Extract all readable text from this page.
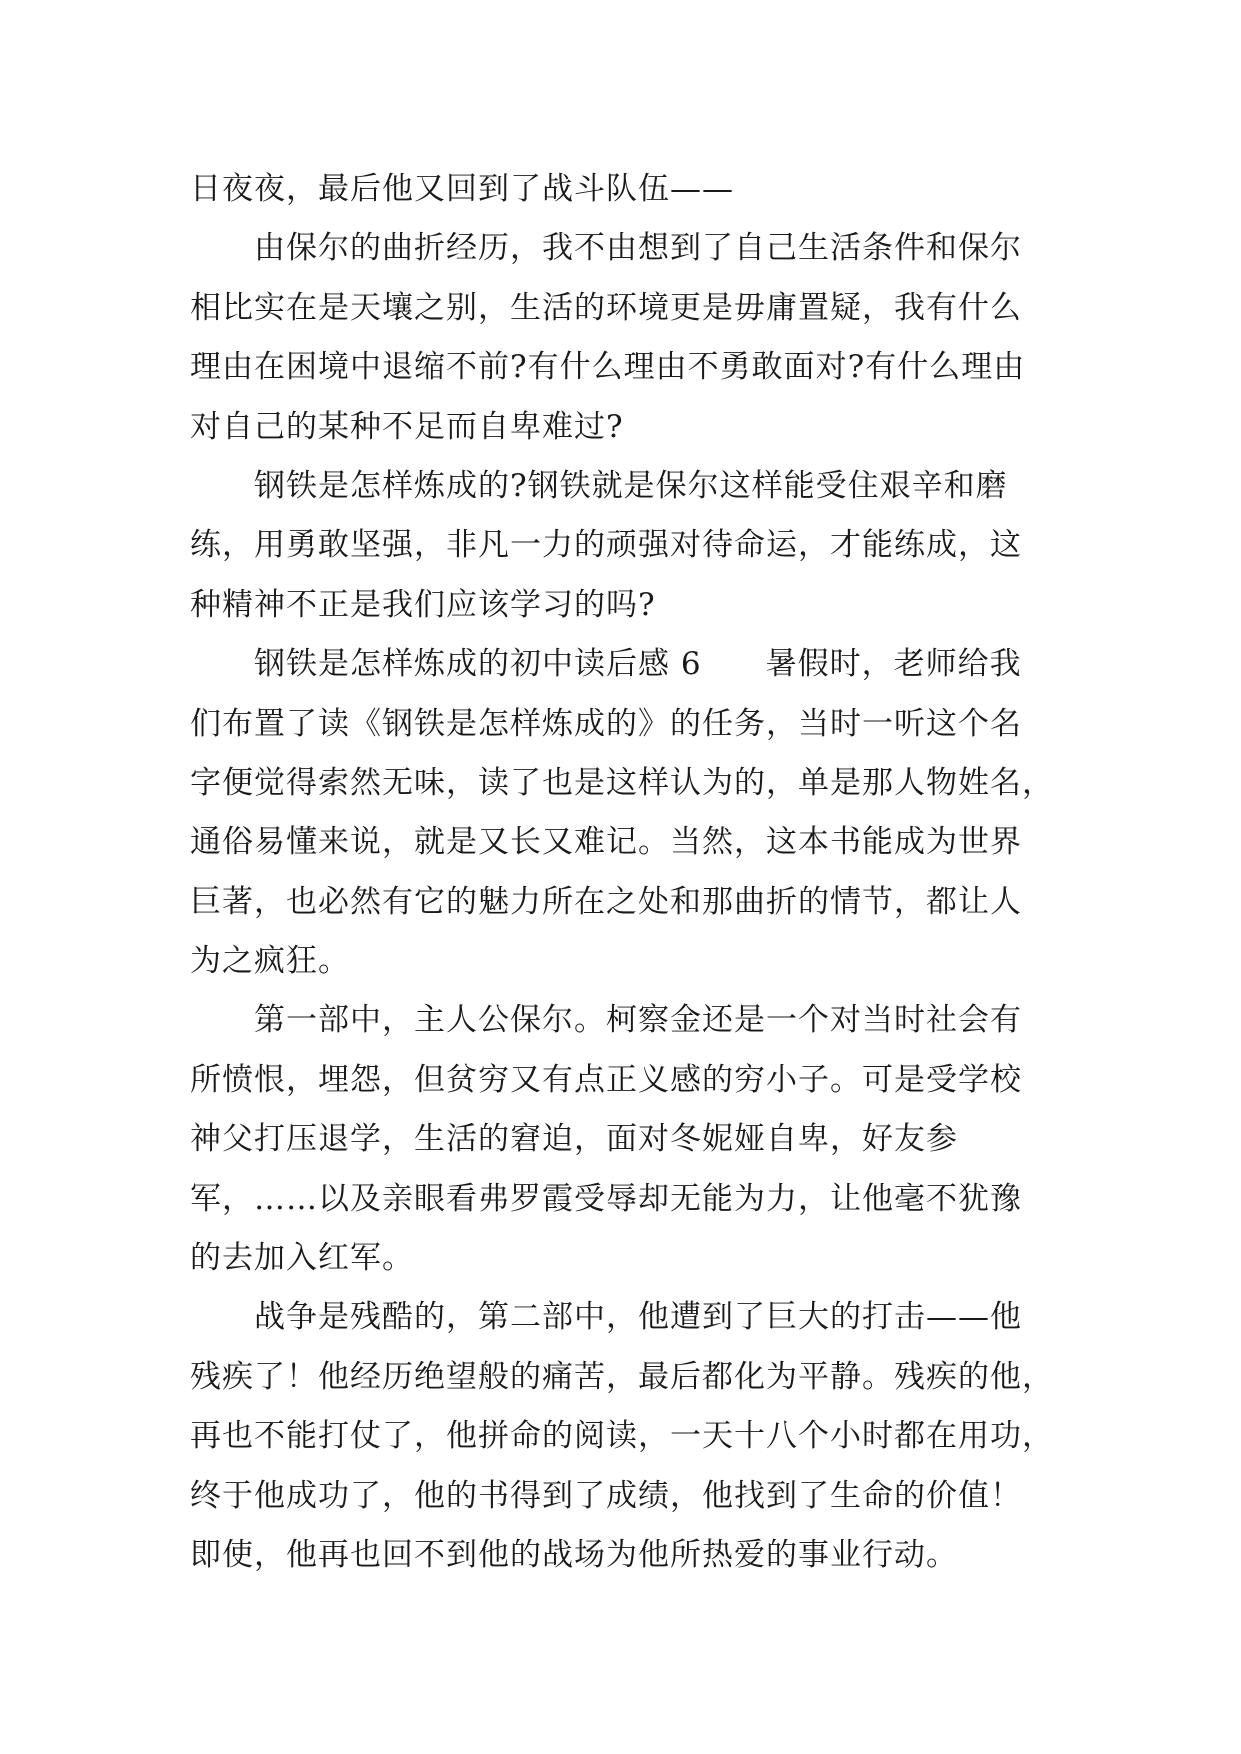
日夜夜，最后他又回到了战斗队伍——
由保尔的曲折经历，我不由想到了自己生活条件和保尔
相比实在是天壤之别，生活的环境更是毋庸置疑，我有什么
理由在困境中退缩不前?有什么理由不勇敢面对?有什么理由
对自己的某种不足而自卑难过?
钢铁是怎样炼成的?钢铁就是保尔这样能受住艰辛和磨
练，用勇敢坚强，非凡一力的顽强对待命运，才能练成，这
种精神不正是我们应该学习的吗?
钢铁是怎样炼成的初中读后感 6　　暑假时，老师给我
们布置了读《钢铁是怎样炼成的》的任务，当时一听这个名
字便觉得索然无味，读了也是这样认为的，单是那人物姓名，
通俗易懂来说，就是又长又难记。当然，这本书能成为世界
巨著，也必然有它的魅力所在之处和那曲折的情节，都让人
为之疯狂。
第一部中，主人公保尔。柯察金还是一个对当时社会有
所愤恨，埋怨，但贫穷又有点正义感的穷小子。可是受学校
神父打压退学，生活的窘迫，面对冬妮娅自卑，好友参
军，……以及亲眼看弗罗霞受辱却无能为力，让他毫不犹豫
的去加入红军。
战争是残酷的，第二部中，他遭到了巨大的打击——他
残疾了！他经历绝望般的痛苦，最后都化为平静。残疾的他，
再也不能打仗了，他拼命的阅读，一天十八个小时都在用功，
终于他成功了，他的书得到了成绩，他找到了生命的价值！
即使，他再也回不到他的战场为他所热爱的事业行动。
